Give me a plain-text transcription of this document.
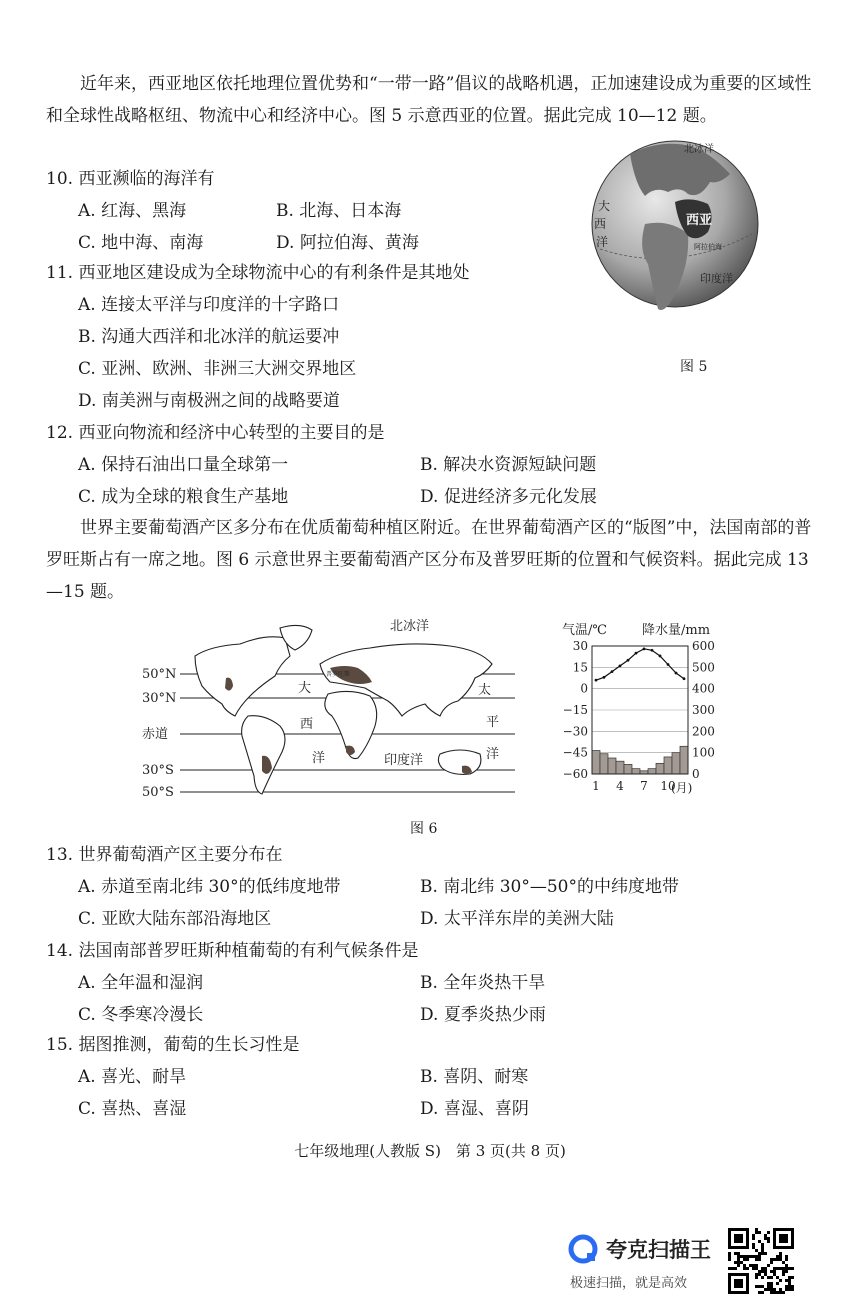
近年来，西亚地区依托地理位置优势和“一带一路”倡议的战略机遇，正加速建设成为重要的区域性和全球性战略枢纽、物流中心和经济中心。图 5 示意西亚的位置。据此完成 10—12 题。
北冰洋
大
西
洋
西亚
阿拉伯海
印度洋
图 5
10. 西亚濒临的海洋有
A. 红海、黑海	B. 北海、日本海
C. 地中海、南海	D. 阿拉伯海、黄海
11. 西亚地区建设成为全球物流中心的有利条件是其地处
A. 连接太平洋与印度洋的十字路口
B. 沟通大西洋和北冰洋的航运要冲
C. 亚洲、欧洲、非洲三大洲交界地区
D. 南美洲与南极洲之间的战略要道
12. 西亚向物流和经济中心转型的主要目的是
A. 保持石油出口量全球第一	B. 解决水资源短缺问题
C. 成为全球的粮食生产基地	D. 促进经济多元化发展
世界主要葡萄酒产区多分布在优质葡萄种植区附近。在世界葡萄酒产区的“版图”中，法国南部的普罗旺斯占有一席之地。图 6 示意世界主要葡萄酒产区分布及普罗旺斯的位置和气候资料。据此完成 13—15 题。
50°N
30°N
赤道
30°S
50°S
北冰洋
大
西
洋
太
平
洋
印度洋
普罗旺斯
气温/℃	降水量/mm
30
15
0
−15
−30
−45
−60
600
500
400
300
200
100
0
1 4 7 10
(月)
图 6
13. 世界葡萄酒产区主要分布在
A. 赤道至南北纬 30°的低纬度地带	B. 南北纬 30°—50°的中纬度地带
C. 亚欧大陆东部沿海地区	D. 太平洋东岸的美洲大陆
14. 法国南部普罗旺斯种植葡萄的有利气候条件是
A. 全年温和湿润	B. 全年炎热干旱
C. 冬季寒冷漫长	D. 夏季炎热少雨
15. 据图推测，葡萄的生长习性是
A. 喜光、耐旱	B. 喜阴、耐寒
C. 喜热、喜湿	D. 喜湿、喜阴
七年级地理(人教版 S)　第 3 页(共 8 页)
夸克扫描王
极速扫描，就是高效
